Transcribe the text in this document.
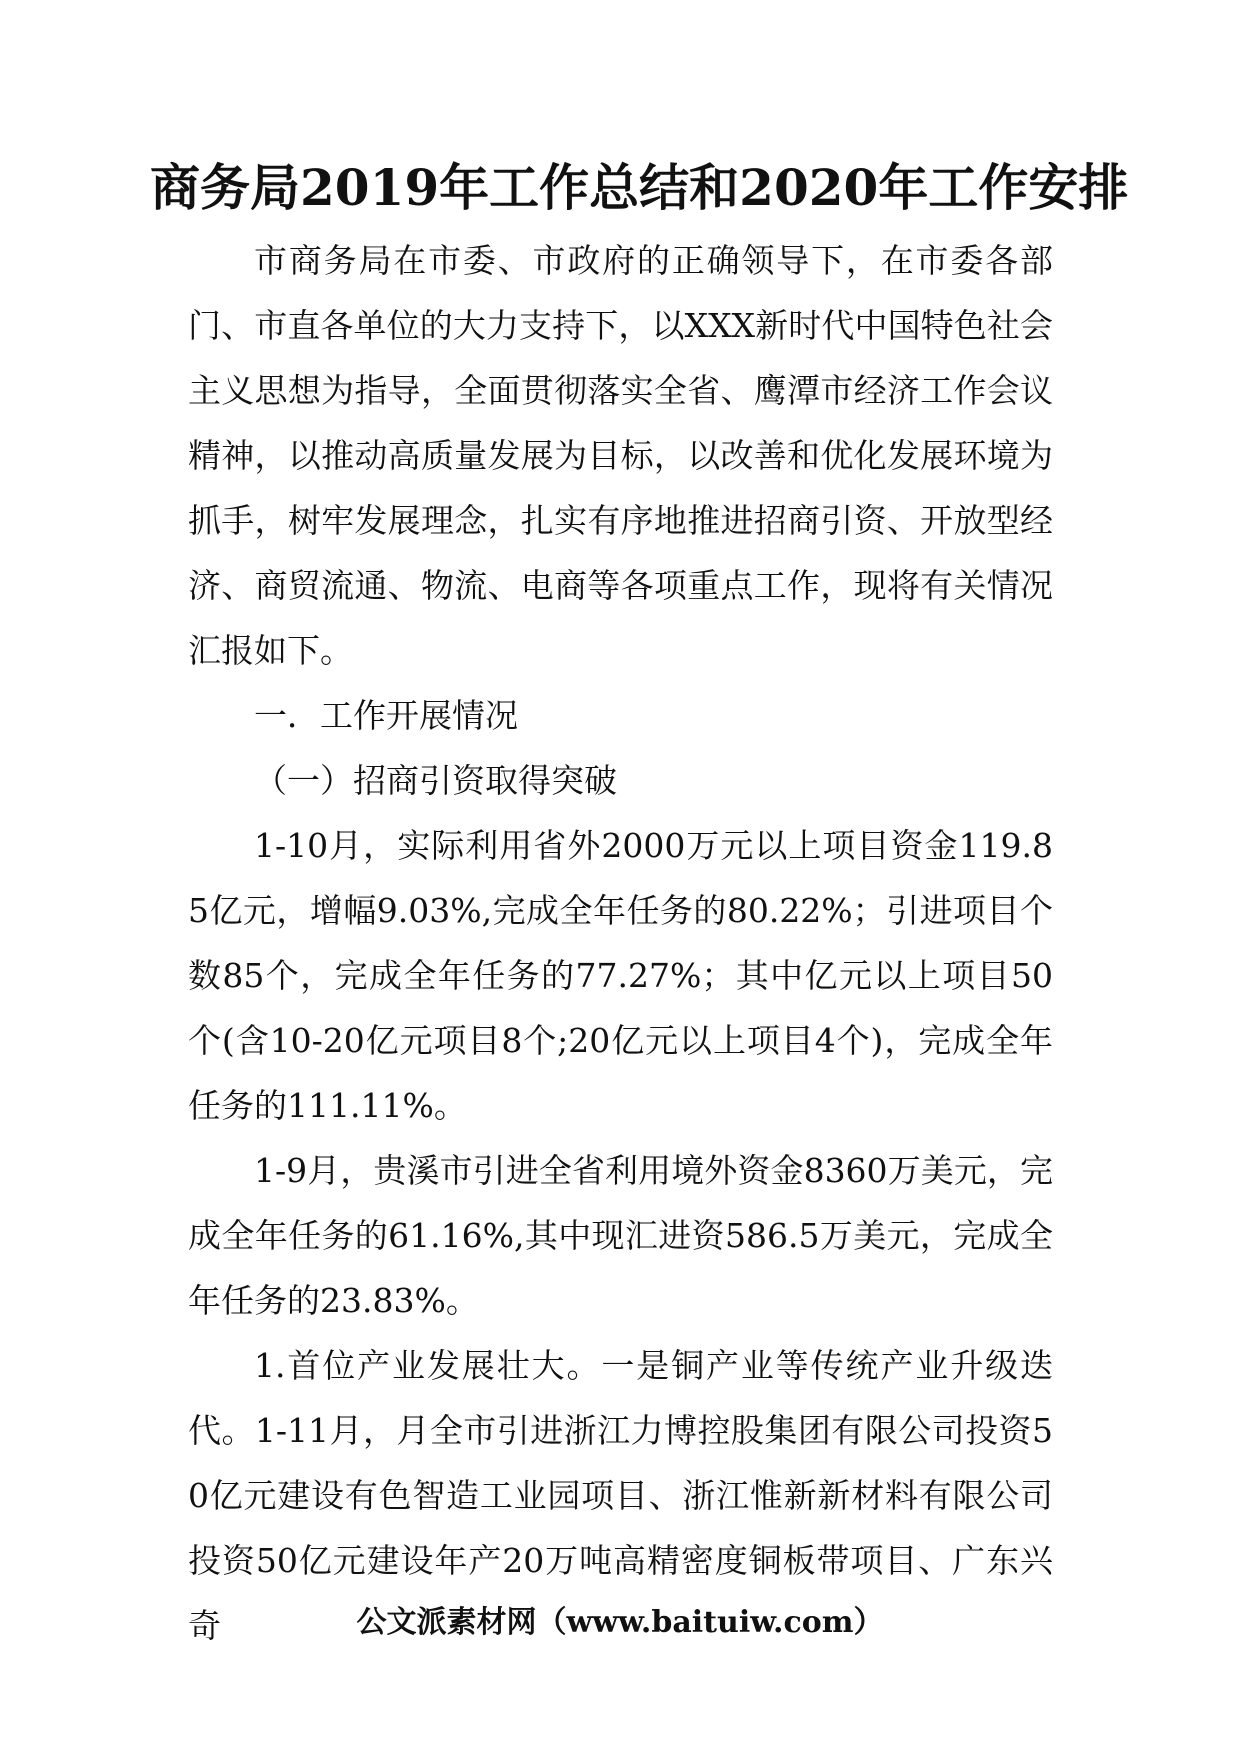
商务局2019年工作总结和2020年工作安排

市商务局在市委、市政府的正确领导下，在市委各部门、市直各单位的大力支持下，以XXX新时代中国特色社会主义思想为指导，全面贯彻落实全省、鹰潭市经济工作会议精神，以推动高质量发展为目标，以改善和优化发展环境为抓手，树牢发展理念，扎实有序地推进招商引资、开放型经济、商贸流通、物流、电商等各项重点工作，现将有关情况汇报如下。

一．工作开展情况

（一）招商引资取得突破

1-10月，实际利用省外2000万元以上项目资金119.85亿元，增幅9.03%,完成全年任务的80.22%；引进项目个数85个，完成全年任务的77.27%；其中亿元以上项目50个(含10-20亿元项目8个;20亿元以上项目4个)，完成全年任务的111.11%。

1-9月，贵溪市引进全省利用境外资金8360万美元，完成全年任务的61.16%,其中现汇进资586.5万美元，完成全年任务的23.83%。

1.首位产业发展壮大。一是铜产业等传统产业升级迭代。1-11月，月全市引进浙江力博控股集团有限公司投资50亿元建设有色智造工业园项目、浙江惟新新材料有限公司投资50亿元建设年产20万吨高精密度铜板带项目、广东兴奇	公文派素材网（www.baituiw.com）
